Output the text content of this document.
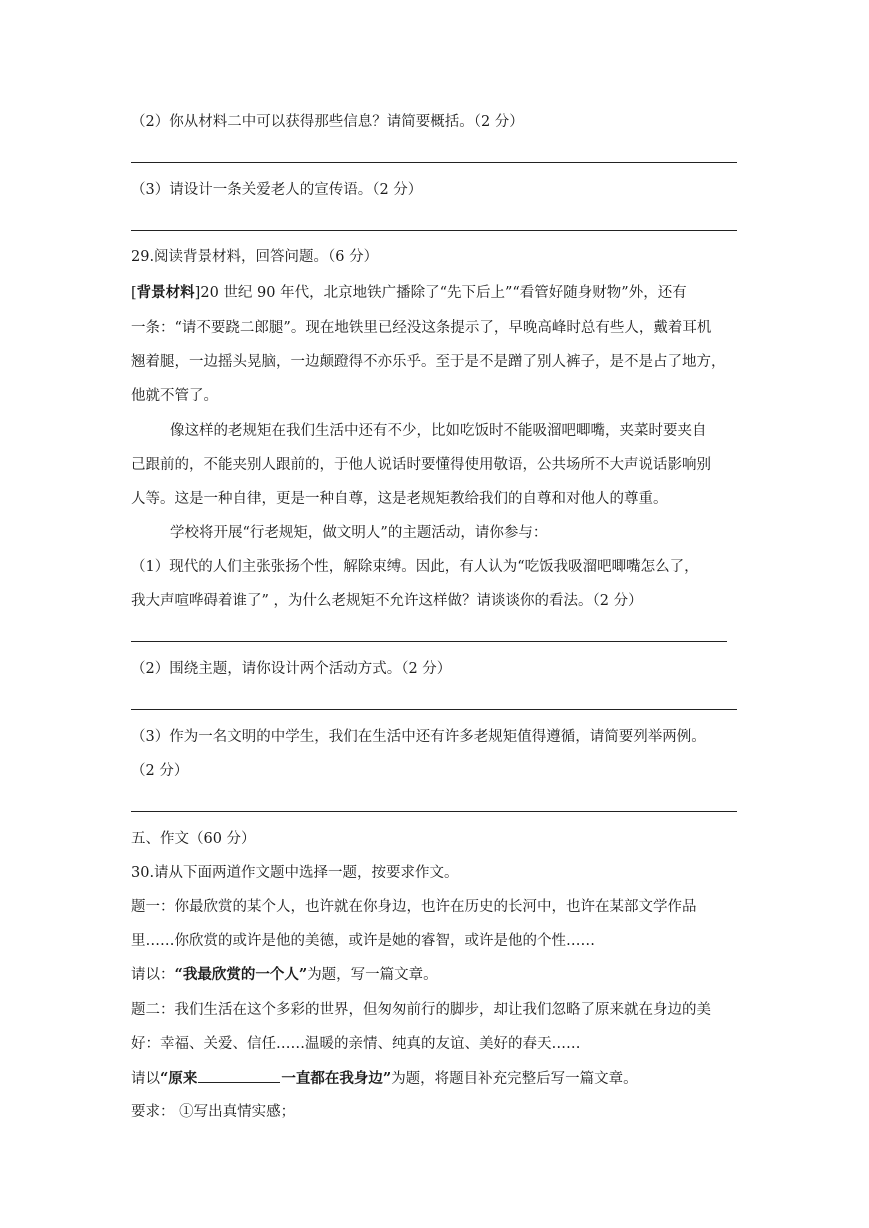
（2）你从材料二中可以获得那些信息？请简要概括。（2 分）
（3）请设计一条关爱老人的宣传语。（2 分）
29.阅读背景材料，回答问题。（6 分）
[背景材料]20 世纪 90 年代，北京地铁广播除了“先下后上”“看管好随身财物”外，还有
一条：“请不要跷二郎腿”。现在地铁里已经没这条提示了，早晚高峰时总有些人，戴着耳机
翘着腿，一边摇头晃脑，一边颠蹬得不亦乐乎。至于是不是蹭了别人裤子，是不是占了地方，
他就不管了。
像这样的老规矩在我们生活中还有不少，比如吃饭时不能吸溜吧唧嘴，夹菜时要夹自
己跟前的，不能夹别人跟前的，于他人说话时要懂得使用敬语，公共场所不大声说话影响别
人等。这是一种自律，更是一种自尊，这是老规矩教给我们的自尊和对他人的尊重。
学校将开展“行老规矩，做文明人”的主题活动，请你参与：
（1）现代的人们主张张扬个性，解除束缚。因此，有人认为“吃饭我吸溜吧唧嘴怎么了，
我大声喧哗碍着谁了” ，为什么老规矩不允许这样做？请谈谈你的看法。（2 分）
（2）围绕主题，请你设计两个活动方式。（2 分）
（3）作为一名文明的中学生，我们在生活中还有许多老规矩值得遵循，请简要列举两例。
（2 分）
五、作文（60 分）
30.请从下面两道作文题中选择一题，按要求作文。
题一：你最欣赏的某个人，也许就在你身边，也许在历史的长河中，也许在某部文学作品
里……你欣赏的或许是他的美德，或许是她的睿智，或许是他的个性……
请以：“我最欣赏的一个人”为题，写一篇文章。
题二：我们生活在这个多彩的世界，但匆匆前行的脚步，却让我们忽略了原来就在身边的美
好：幸福、关爱、信任……温暖的亲情、纯真的友谊、美好的春天……
请以“原来	一直都在我身边”为题，将题目补充完整后写一篇文章。
要求： ①写出真情实感；
